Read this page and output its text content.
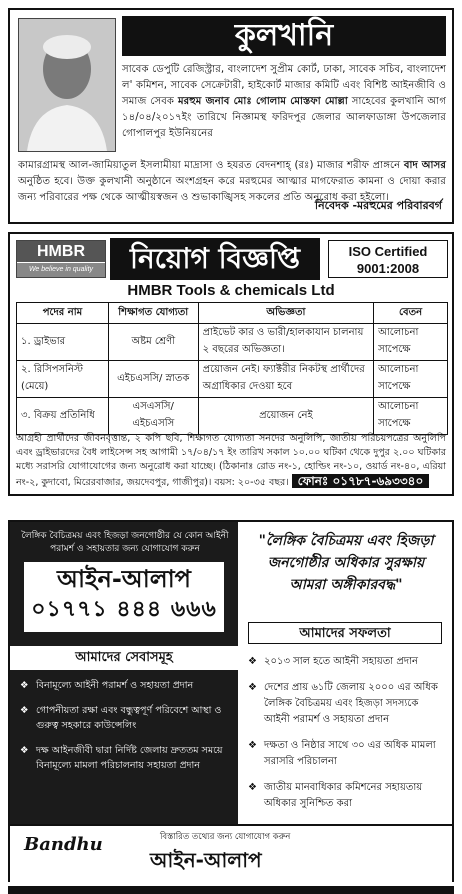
কুলখানি
সাবেক ডেপুটি রেজিস্ট্রার, বাংলাদেশ সুপ্রীম কোর্ট, ঢাকা, সাবেক সচিব, বাংলাদেশ ল' কমিশন, সাবেক সেক্রেটারী, হাইকোর্ট মাজার কমিটি এবং বিশিষ্ট আইনজীবি ও সমাজ সেবক মরহুম জনাব মোঃ গোলাম মোস্তফা মোল্লা সাহেবের কুলখানি আগ ১৪/০৪/২০১৭ইং তারিখে নিজ্ঞামস্থ ফরিদপুর জেলার আলফাডাঙ্গা উপজেলার গোপালপুর ইউনিয়নের
কামারগ্রামস্থ আল-জামিয়াতুল ইসলামীয়া মাদ্রাসা ও হযরত বেদনশাহ্ (রঃ) মাজার শরীফ প্রাঙ্গনে বাদ আসর অনুষ্ঠিত হবে। উক্ত কুলখানী অনুষ্ঠানে অংশগ্রহন করে মরহুমের আত্মার মাগফেরাত কামনা ও দোয়া করার জন্য পরিবারের পক্ষ থেকে আত্মীয়স্বজন ও শুভাকাঙ্খিসহ সকলের প্রতি অনুরোধ করা হইলো।
নিবেদক -মরহুমের পরিবারবর্গ
HMBR
We believe in quality	নিয়োগ বিজ্ঞপ্তি	ISO Certified
9001:2008
HMBR Tools & chemicals Ltd
পদের নাম	শিক্ষাগত যোগ্যতা	অভিজ্ঞতা	বেতন
১. ড্রাইভার	অষ্টম শ্রেণী	প্রাইভেট কার ও ভারী/হালকাযান চালনায় ২ বছরের অভিজ্ঞতা।	আলোচনা সাপেক্ষে
২. রিসিপসনিস্ট (মেয়ে)	এইচএসসি/ স্নাতক	প্রয়োজন নেই। ফ্যাক্টরীর নিকটস্থ প্রার্থীদের অগ্রাধিকার দেওয়া হবে	আলোচনা সাপেক্ষে
৩. বিক্রয় প্রতিনিধি	এসএসসি/ এইচএসসি	প্রয়োজন নেই	আলোচনা সাপেক্ষে
আগ্রহী প্রার্থীদের জীবনবৃত্তান্ত, ২ কপি ছবি, শিক্ষাগত যোগ্যতা সনদের অনুলিপি, জাতীয় পরিচয়পত্রের অনুলিপি এবং ড্রাইভারদের বৈধ লাইসেন্স সহ আগামী ১৭/০৪/১৭ ইং তারিখ সকাল ১০.০০ ঘটিকা থেকে দুপুর ২.০০ ঘটিকার মধ্যে সরাসরি যোগাযোগের জন্য অনুরোধ করা যাচ্ছে। (ঠিকানাঃ রোড নং-১, হোল্ডিং নং-১০, ওয়ার্ড নং-৪০, এরিয়া নং-২, কুদাবো, মিরেরবাজার, জয়দেবপুর, গাজীপুর)। বয়স: ২০-৩৫ বছর। ফোনঃ ০১৭৮৭-৬৯৩৩৪০
লৈঙ্গিক বৈচিত্রময় এবং হিজড়া জনগোষ্ঠীর যে কোন আইনী পরামর্শ ও সহায়তার জন্য যোগাযোগ করুন
আইন-আলাপ
০১৭৭১ ৪৪৪ ৬৬৬
আমাদের সেবাসমূহ
❖ বিনামূল্যে আইনী পরামর্শ ও সহায়তা প্রদান
❖ গোপনীয়তা রক্ষা এবং বন্ধুত্বপূর্ণ পরিবেশে আস্থা ও গুরুত্ব সহকারে কাউন্সেলিং
❖ দক্ষ আইনজীবী দ্বারা নির্দিষ্ট জেলায় দ্রুততম সময়ে বিনামূল্যে মামলা পরিচালনায় সহায়তা প্রদান
"লৈঙ্গিক বৈচিত্রময় এবং হিজড়া জনগোষ্ঠীর অধিকার সুরক্ষায় আমরা অঙ্গীকারবদ্ধ"
আমাদের সফলতা
❖ ২০১৩ সাল হতে আইনী সহায়তা প্রদান
❖ দেশের প্রায় ৬১টি জেলায় ২০০০ এর অধিক লৈঙ্গিক বৈচিত্রময় এবং হিজড়া সদস্যকে আইনী পরামর্শ ও সহায়তা প্রদান
❖ দক্ষতা ও নিষ্ঠার সাথে ৩০ এর অধিক মামলা সরাসরি পরিচালনা
❖ জাতীয় মানবাধিকার কমিশনের সহায়তায় অধিকার সুনিশ্চিত করা
Bandhu	বিস্তারিত তথ্যের জন্য যোগাযোগ করুন
আইন-আলাপ
